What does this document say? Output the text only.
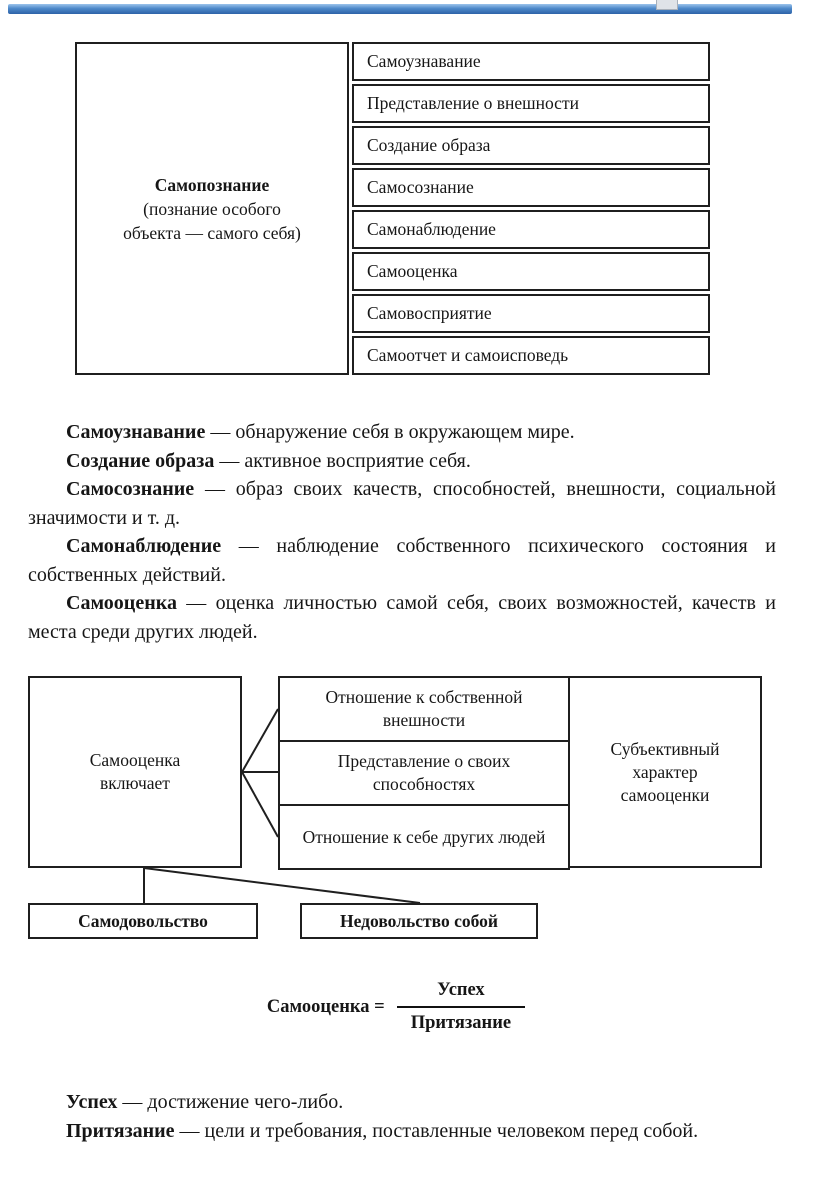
Самопознание
(познание особого
объекта — самого себя)
Самоузнавание
Представление о внешности
Создание образа
Самосознание
Самонаблюдение
Самооценка
Самовосприятие
Самоотчет и самоисповедь

Самоузнавание — обнаружение себя в окружающем мире.

Создание образа — активное восприятие себя.

Самосознание — образ своих качеств, способностей, внешности, социальной значимости и т. д.

Самонаблюдение — наблюдение собственного психического состояния и собственных действий.

Самооценка — оценка личностью самой себя, своих возможностей, качеств и места среди других людей.

Самооценка включает
Отношение к собственной внешности
Представление о своих способностях
Отношение к себе других людей
Субъективный характер самооценки
Самодовольство	Недовольство собой
Самооценка = $\frac{\text{Успех}}{\text{Притязание}}$

Успех — достижение чего-либо.

Притязание — цели и требования, поставленные человеком перед собой.
